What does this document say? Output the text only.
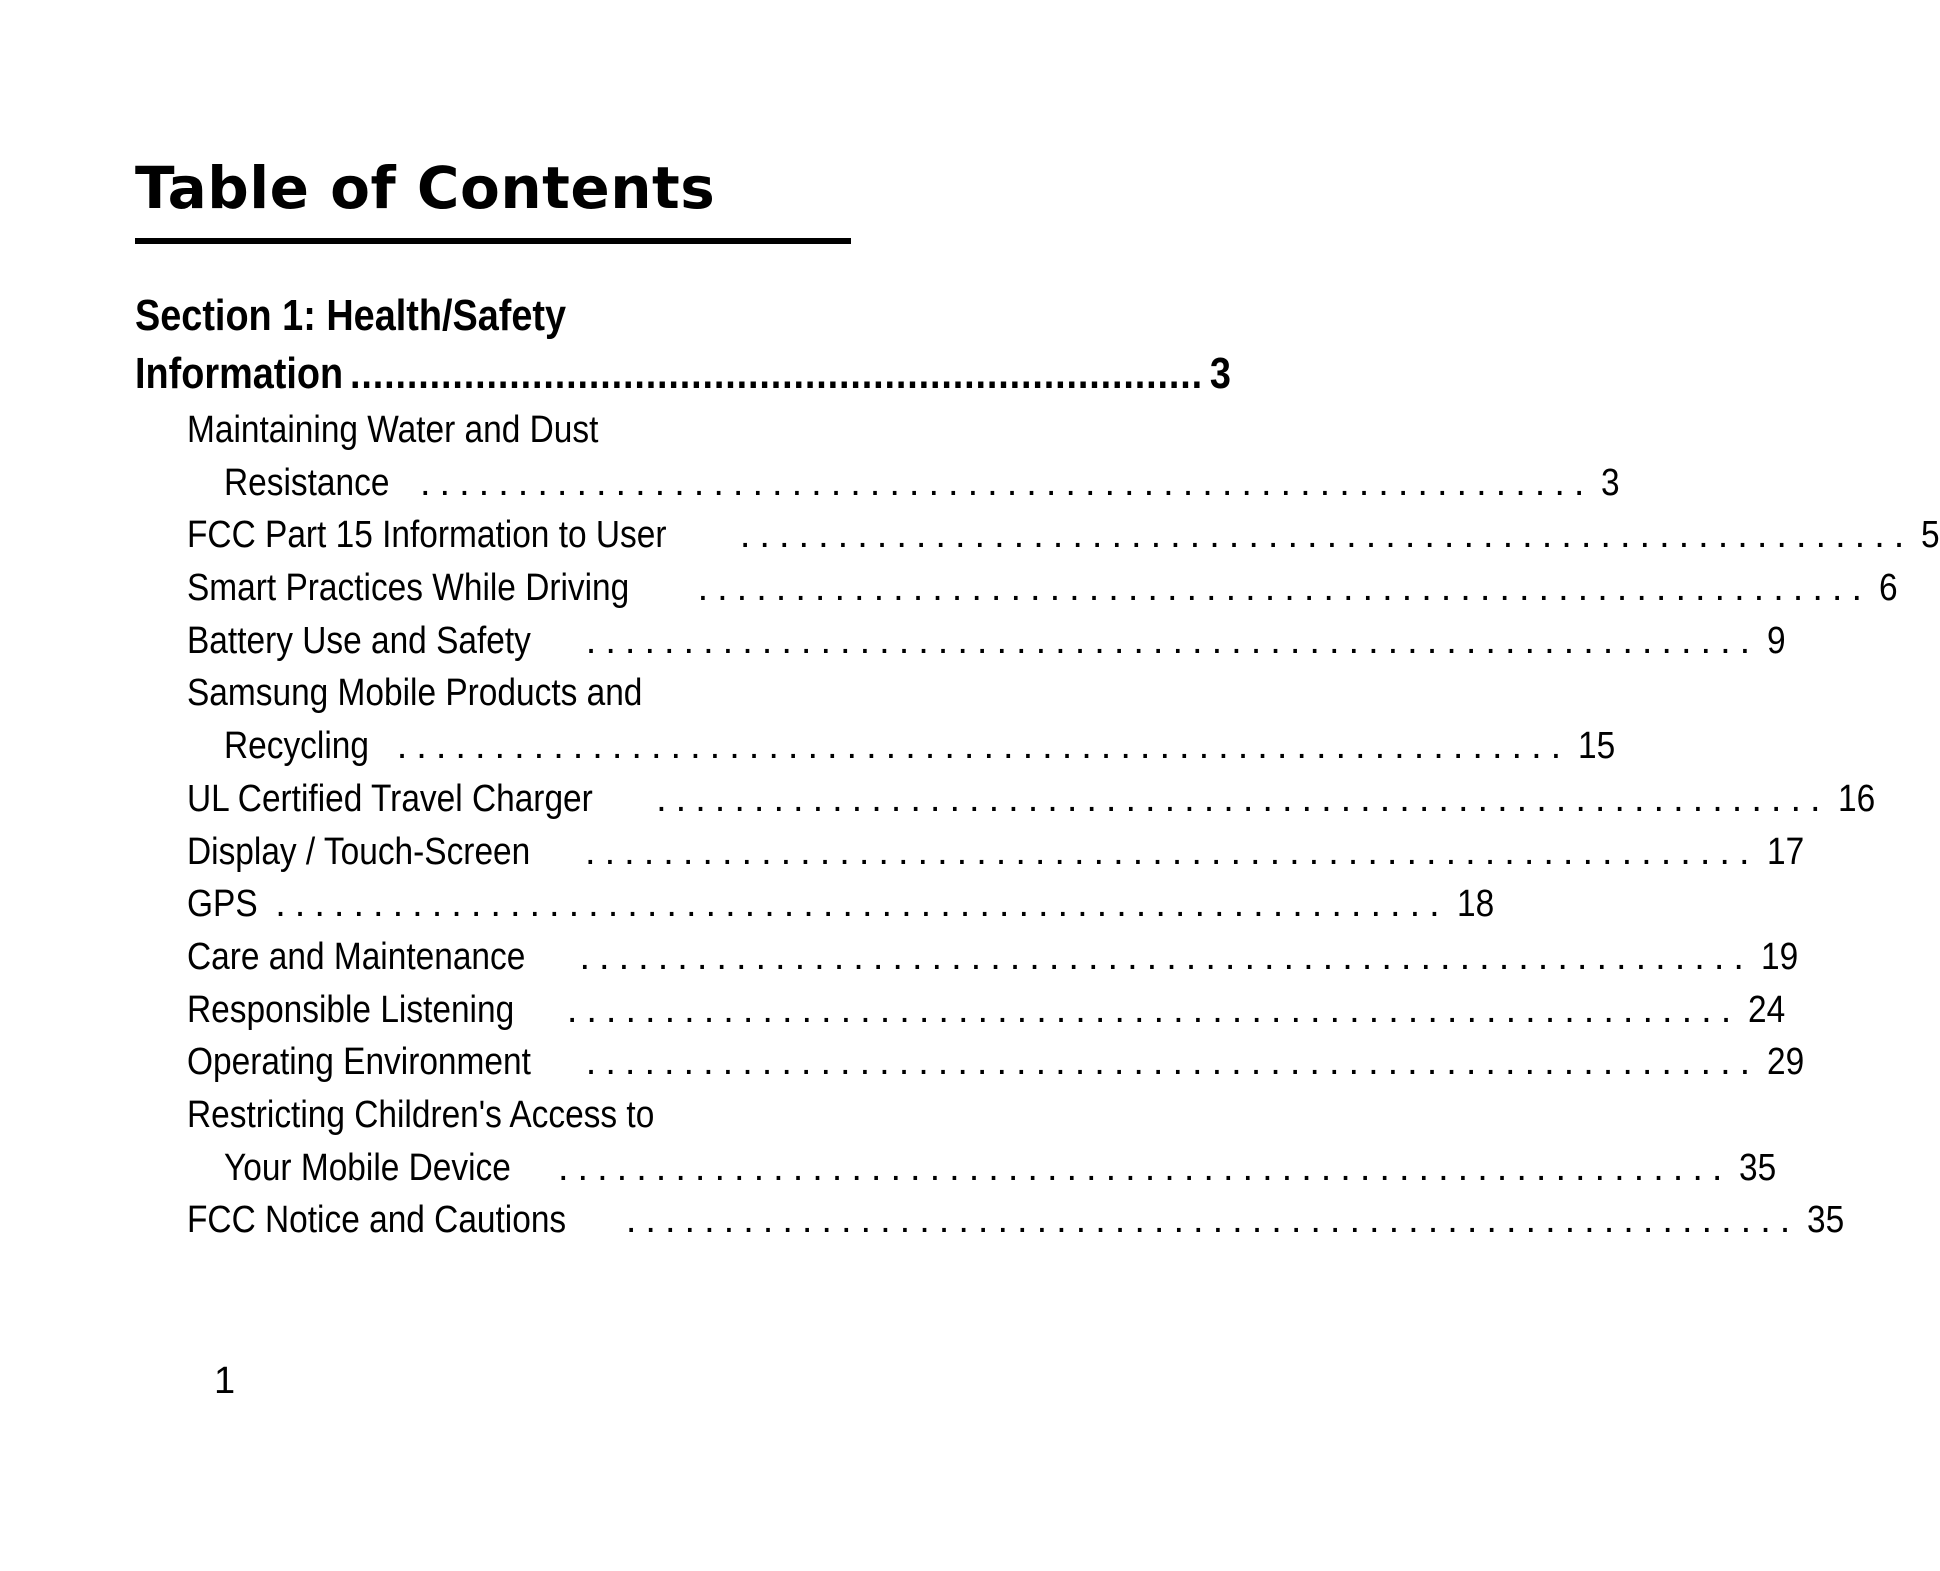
Table of Contents
Section 1: Health/Safety
Information ........................................................................... 3
Maintaining Water and Dust
Resistance ............................................................ 3
FCC Part 15 Information to User ............................................................ 5
Smart Practices While Driving ............................................................ 6
Battery Use and Safety ............................................................ 9
Samsung Mobile Products and
Recycling ............................................................ 15
UL Certified Travel Charger ............................................................ 16
Display / Touch-Screen ............................................................ 17
GPS ............................................................ 18
Care and Maintenance ............................................................ 19
Responsible Listening ............................................................ 24
Operating Environment ............................................................ 29
Restricting Children's Access to
Your Mobile Device ............................................................ 35
FCC Notice and Cautions ............................................................ 35
1
